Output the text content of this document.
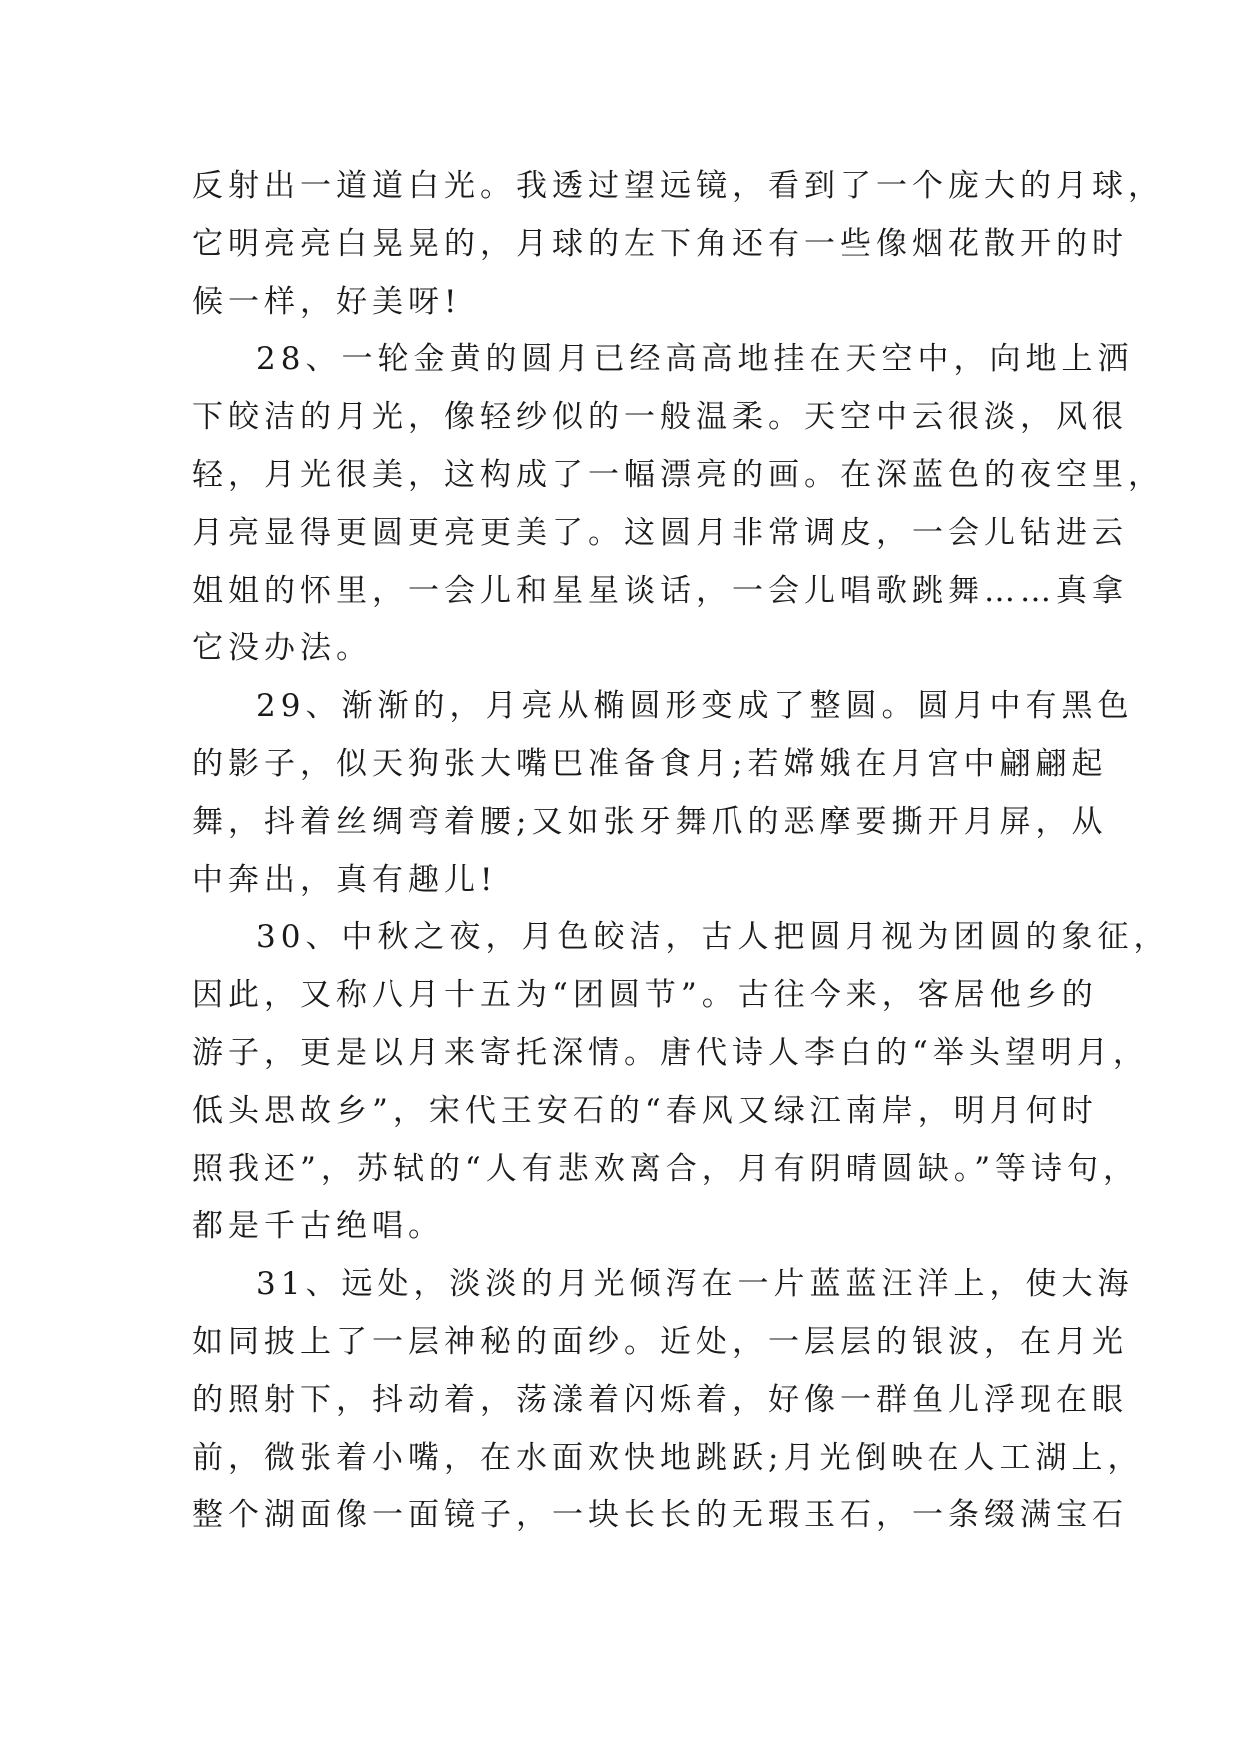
反射出一道道白光。我透过望远镜，看到了一个庞大的月球，
它明亮亮白晃晃的，月球的左下角还有一些像烟花散开的时
候一样，好美呀!
28、一轮金黄的圆月已经高高地挂在天空中，向地上洒
下皎洁的月光，像轻纱似的一般温柔。天空中云很淡，风很
轻，月光很美，这构成了一幅漂亮的画。在深蓝色的夜空里，
月亮显得更圆更亮更美了。这圆月非常调皮，一会儿钻进云
姐姐的怀里，一会儿和星星谈话，一会儿唱歌跳舞……真拿
它没办法。
29、渐渐的，月亮从椭圆形变成了整圆。圆月中有黑色
的影子，似天狗张大嘴巴准备食月;若嫦娥在月宫中翩翩起
舞，抖着丝绸弯着腰;又如张牙舞爪的恶摩要撕开月屏，从
中奔出，真有趣儿!
30、中秋之夜，月色皎洁，古人把圆月视为团圆的象征，
因此，又称八月十五为“团圆节”。古往今来，客居他乡的
游子，更是以月来寄托深情。唐代诗人李白的“举头望明月，
低头思故乡”，宋代王安石的“春风又绿江南岸，明月何时
照我还”，苏轼的“人有悲欢离合，月有阴晴圆缺。”等诗句，
都是千古绝唱。
31、远处，淡淡的月光倾泻在一片蓝蓝汪洋上，使大海
如同披上了一层神秘的面纱。近处，一层层的银波，在月光
的照射下，抖动着，荡漾着闪烁着，好像一群鱼儿浮现在眼
前，微张着小嘴，在水面欢快地跳跃;月光倒映在人工湖上，
整个湖面像一面镜子，一块长长的无瑕玉石，一条缀满宝石
